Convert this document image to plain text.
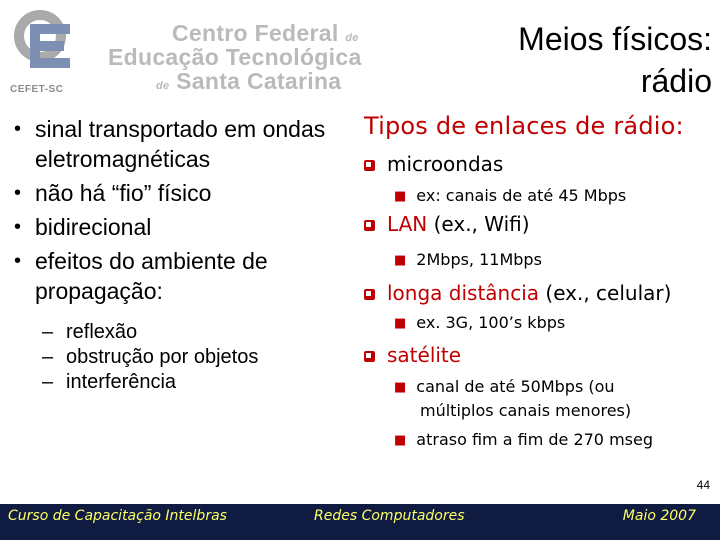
CEFET-SC
Centro Federal de
Educação Tecnológica
de Santa Catarina
Meios físicos:
rádio
• sinal transportado em ondas eletromagnéticas
• não há “fio” físico
• bidirecional
• efeitos do ambiente de propagação:
– reflexão
– obstrução por objetos
– interferência
Tipos de enlaces de rádio:
microondas
■ ex: canais de até 45 Mbps
LAN (ex., Wifi)
■ 2Mbps, 11Mbps
longa distância (ex., celular)
■ ex. 3G, 100’s kbps
satélite
■ canal de até 50Mbps (ou
múltiplos canais menores)
■ atraso fim a fim de 270 mseg
44
Curso de Capacitação Intelbras	Redes Computadores	Maio 2007
